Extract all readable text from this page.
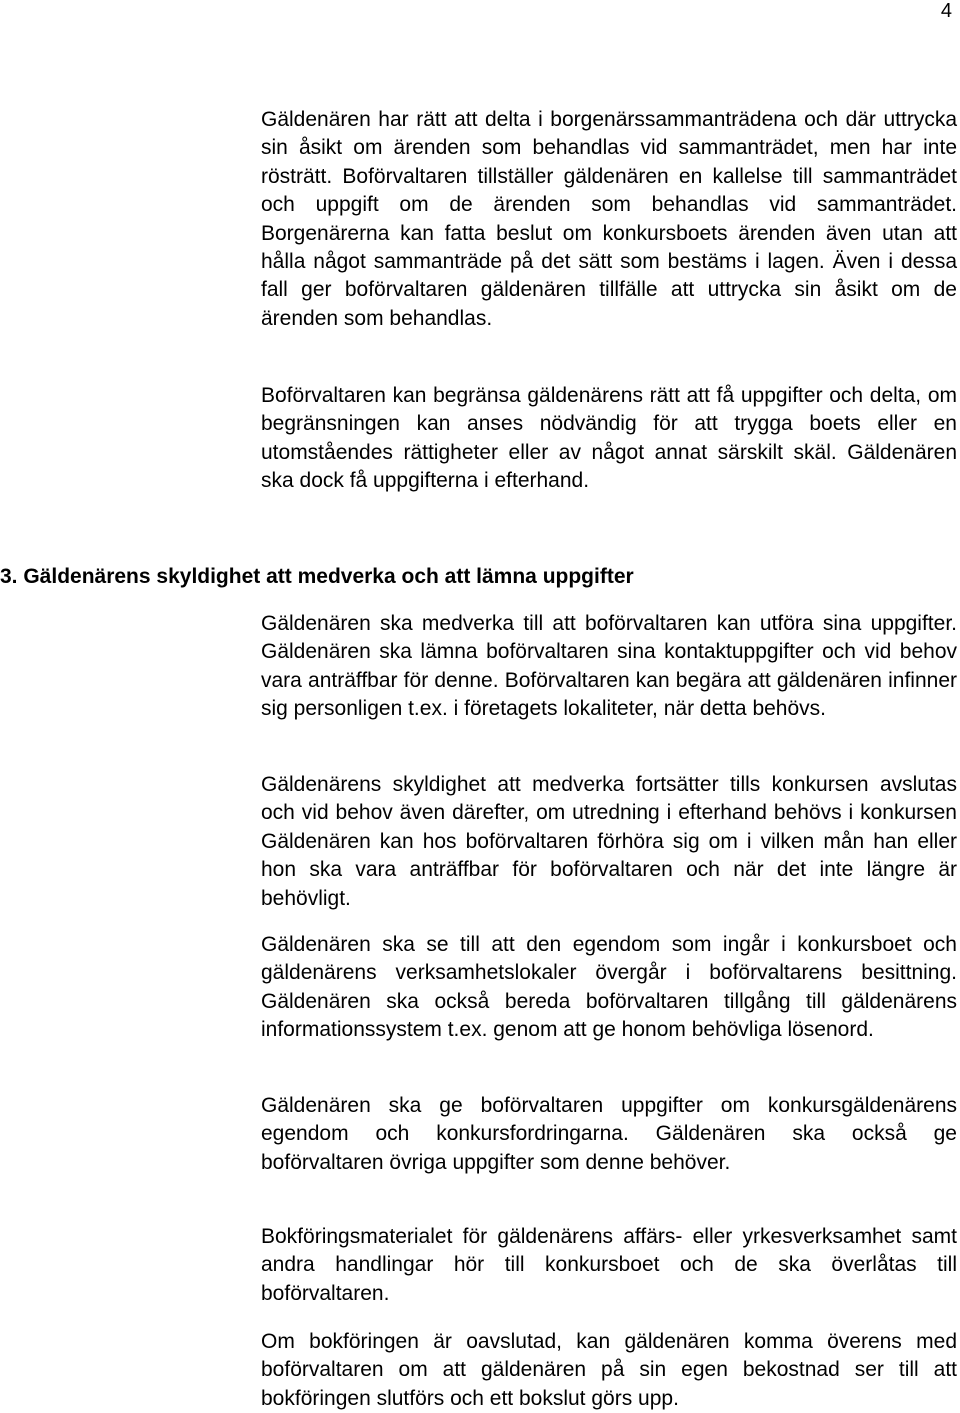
4

Gäldenären har rätt att delta i borgenärssammanträdena och där uttrycka sin åsikt om ärenden som behandlas vid sammanträdet, men har inte rösträtt. Boförvaltaren tillställer gäldenären en kallelse till sammanträdet och uppgift om de ärenden som behandlas vid sammanträdet. Borgenärerna kan fatta beslut om konkursboets ärenden även utan att hålla något sammanträde på det sätt som bestäms i lagen. Även i dessa fall ger boförvaltaren gäldenären tillfälle att uttrycka sin åsikt om de ärenden som behandlas.

Boförvaltaren kan begränsa gäldenärens rätt att få uppgifter och delta, om begränsningen kan anses nödvändig för att trygga boets eller en utomståendes rättigheter eller av något annat särskilt skäl. Gäldenären ska dock få uppgifterna i efterhand.

3. Gäldenärens skyldighet att medverka och att lämna uppgifter

Gäldenären ska medverka till att boförvaltaren kan utföra sina uppgifter. Gäldenären ska lämna boförvaltaren sina kontaktuppgifter och vid behov vara anträffbar för denne. Boförvaltaren kan begära att gäldenären infinner sig personligen t.ex. i företagets lokaliteter, när detta behövs.

Gäldenärens skyldighet att medverka fortsätter tills konkursen avslutas och vid behov även därefter, om utredning i efterhand behövs i konkursen Gäldenären kan hos boförvaltaren förhöra sig om i vilken mån han eller hon ska vara anträffbar för boförvaltaren och när det inte längre är behövligt.

Gäldenären ska se till att den egendom som ingår i konkursboet och gäldenärens verksamhetslokaler övergår i boförvaltarens besittning. Gäldenären ska också bereda boförvaltaren tillgång till gäldenärens informationssystem t.ex. genom att ge honom behövliga lösenord.

Gäldenären ska ge boförvaltaren uppgifter om konkursgäldenärens egendom och konkursfordringarna. Gäldenären ska också ge boförvaltaren övriga uppgifter som denne behöver.

Bokföringsmaterialet för gäldenärens affärs- eller yrkesverksamhet samt andra handlingar hör till konkursboet och de ska överlåtas till boförvaltaren.

Om bokföringen är oavslutad, kan gäldenären komma överens med boförvaltaren om att gäldenären på sin egen bekostnad ser till att bokföringen slutförs och ett bokslut görs upp.
